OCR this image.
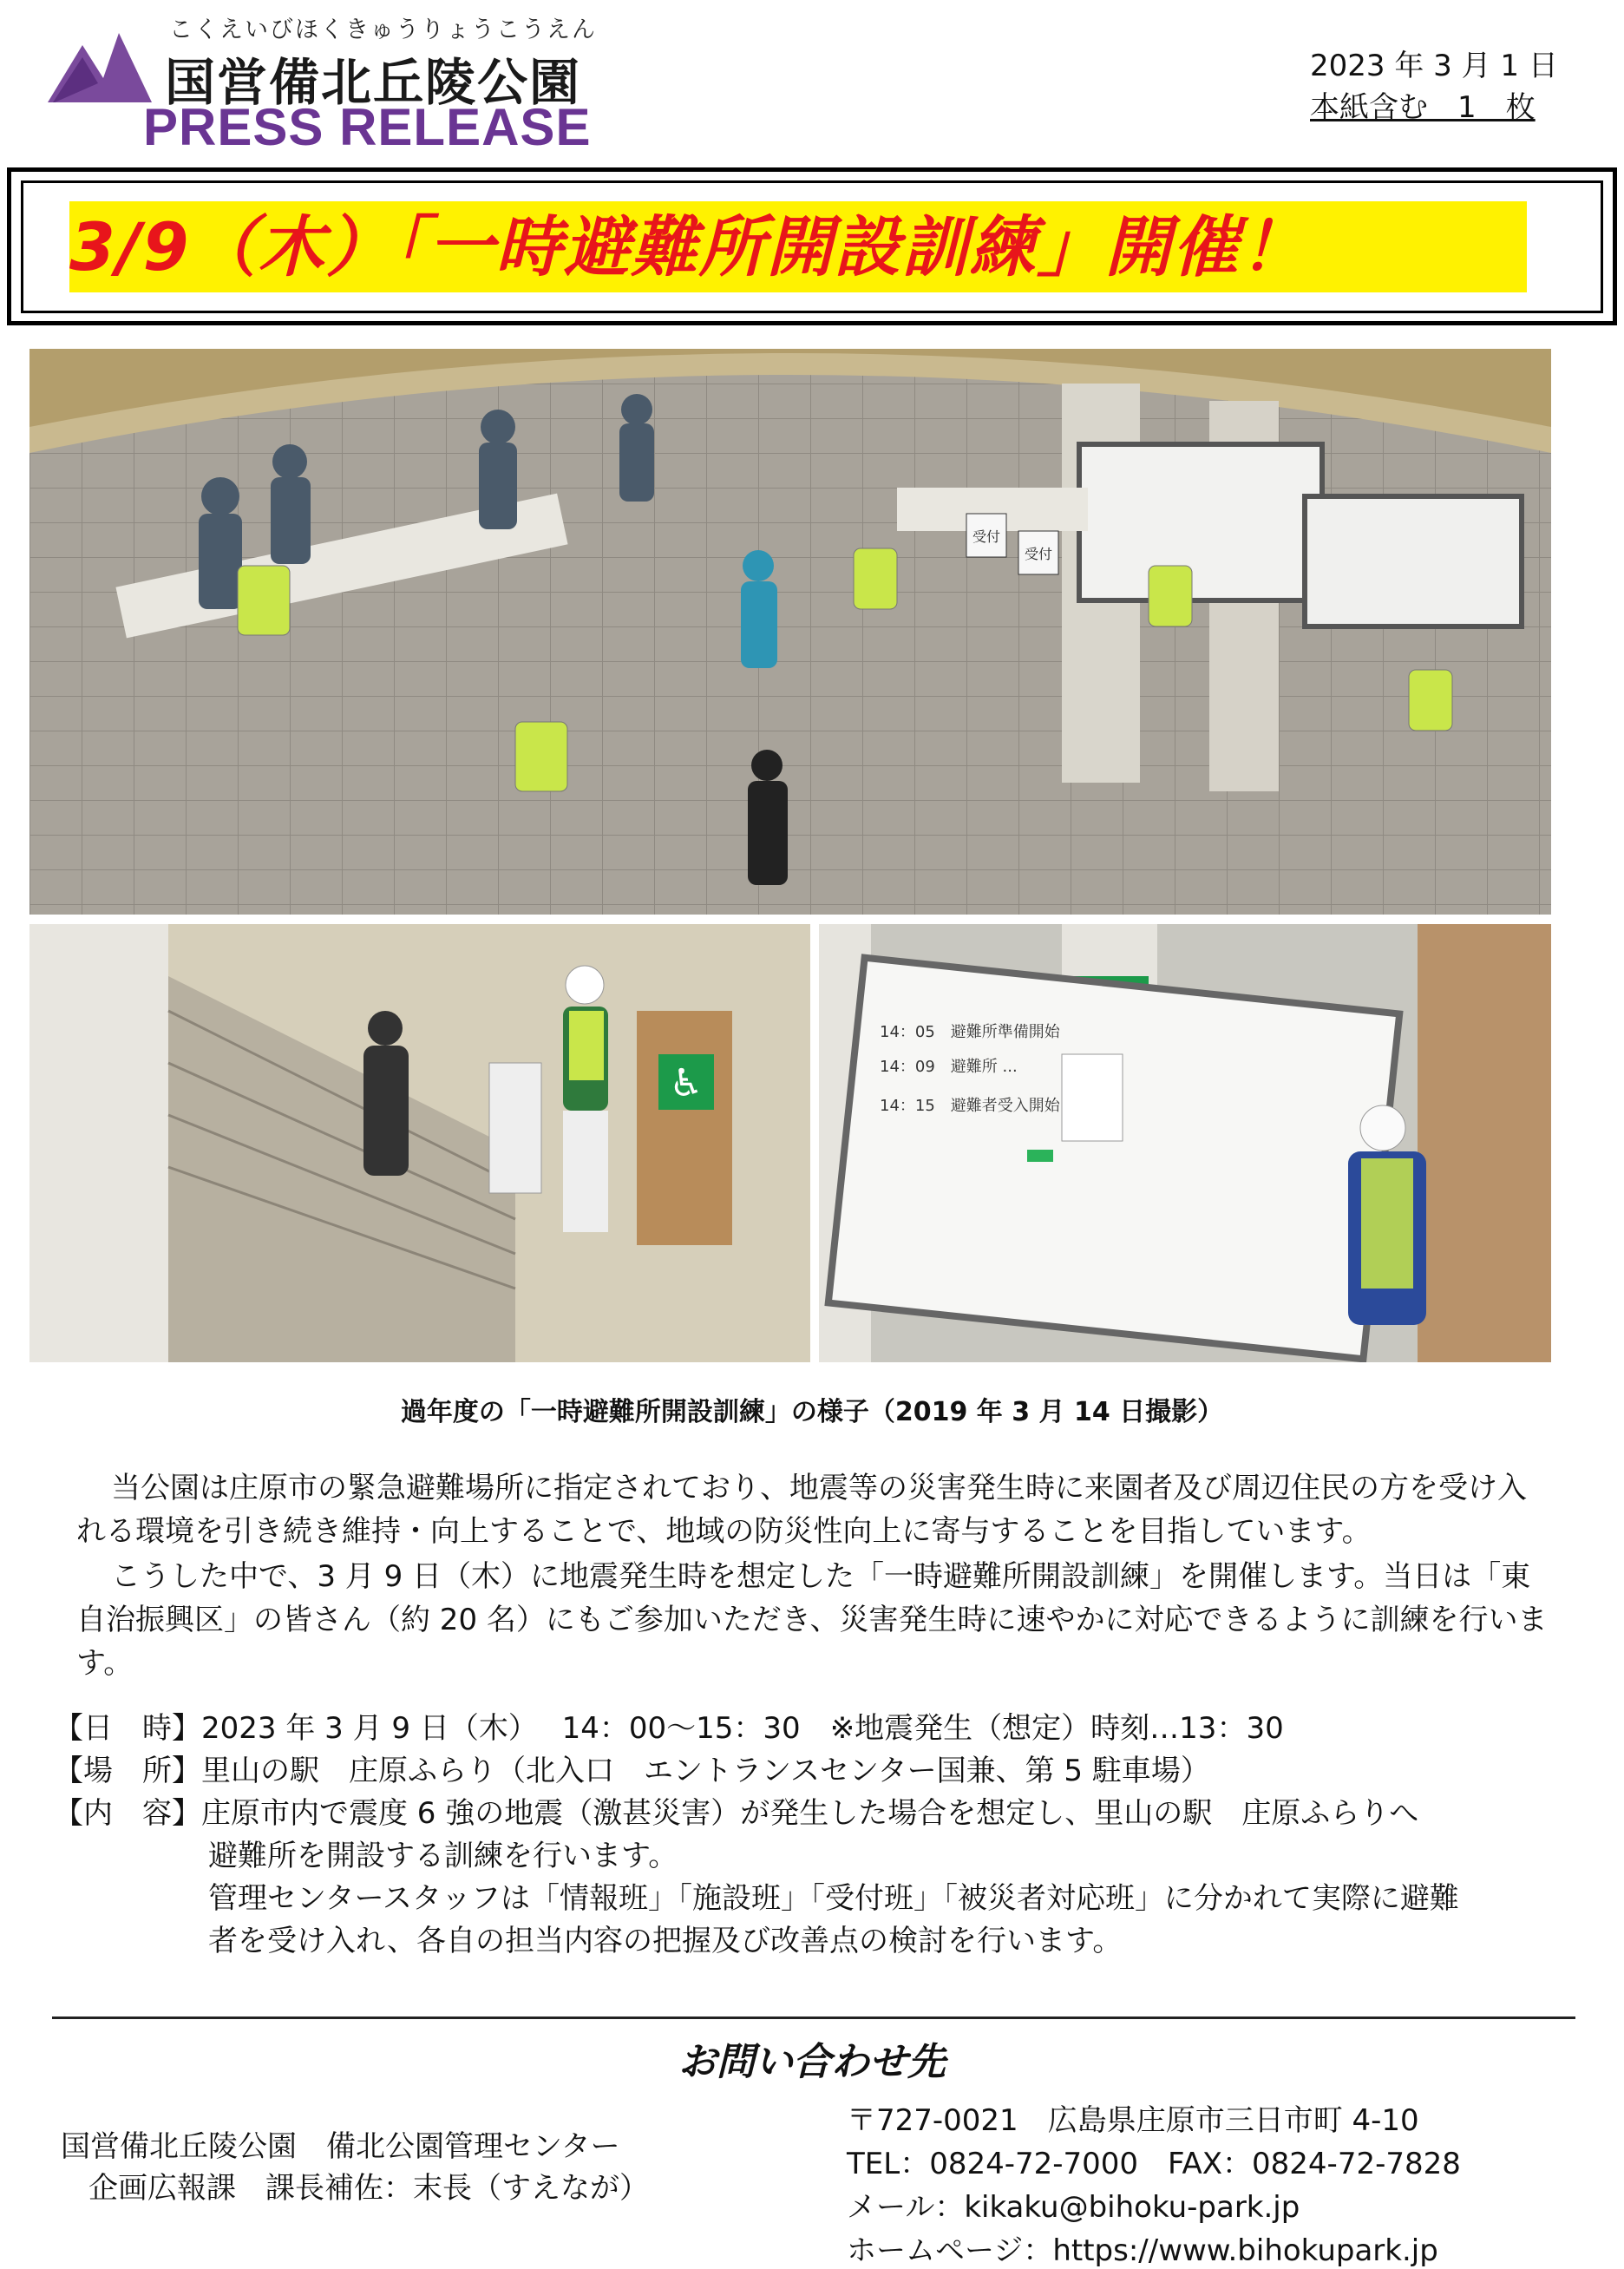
こくえいびほくきゅうりょうこうえん
国営備北丘陵公園
PRESS RELEASE
2023 年 3 月 1 日
本紙含む　1　枚
3/9（木）「一時避難所開設訓練」開催！
受付
受付
♿
14：05　避難所準備開始
14：09　避難所 ...
14：15　避難者受入開始
過年度の「一時避難所開設訓練」の様子（2019 年 3 月 14 日撮影）

当公園は庄原市の緊急避難場所に指定されており、地震等の災害発生時に来園者及び周辺住民の方を受け入れる環境を引き続き維持・向上することで、地域の防災性向上に寄与することを目指しています。

こうした中で、3 月 9 日（木）に地震発生時を想定した「一時避難所開設訓練」を開催します。当日は「東自治振興区」の皆さん（約 20 名）にもご参加いただき、災害発生時に速やかに対応できるように訓練を行います。

【日　時】2023 年 3 月 9 日（木）　 14：00～15：30　※地震発生（想定）時刻…13：30
【場　所】里山の駅　庄原ふらり（北入口　エントランスセンター国兼、第 5 駐車場）
【内　容】庄原市内で震度 6 強の地震（激甚災害）が発生した場合を想定し、里山の駅　庄原ふらりへ
避難所を開設する訓練を行います。
管理センタースタッフは「情報班」「施設班」「受付班」「被災者対応班」に分かれて実際に避難
者を受け入れ、各自の担当内容の把握及び改善点の検討を行います。
お問い合わせ先
国営備北丘陵公園　備北公園管理センター
企画広報課　課長補佐：末長（すえなが）
〒727-0021　広島県庄原市三日市町 4-10
TEL：0824-72-7000　FAX：0824-72-7828
メール：kikaku@bihoku-park.jp
ホームページ：https://www.bihokupark.jp
